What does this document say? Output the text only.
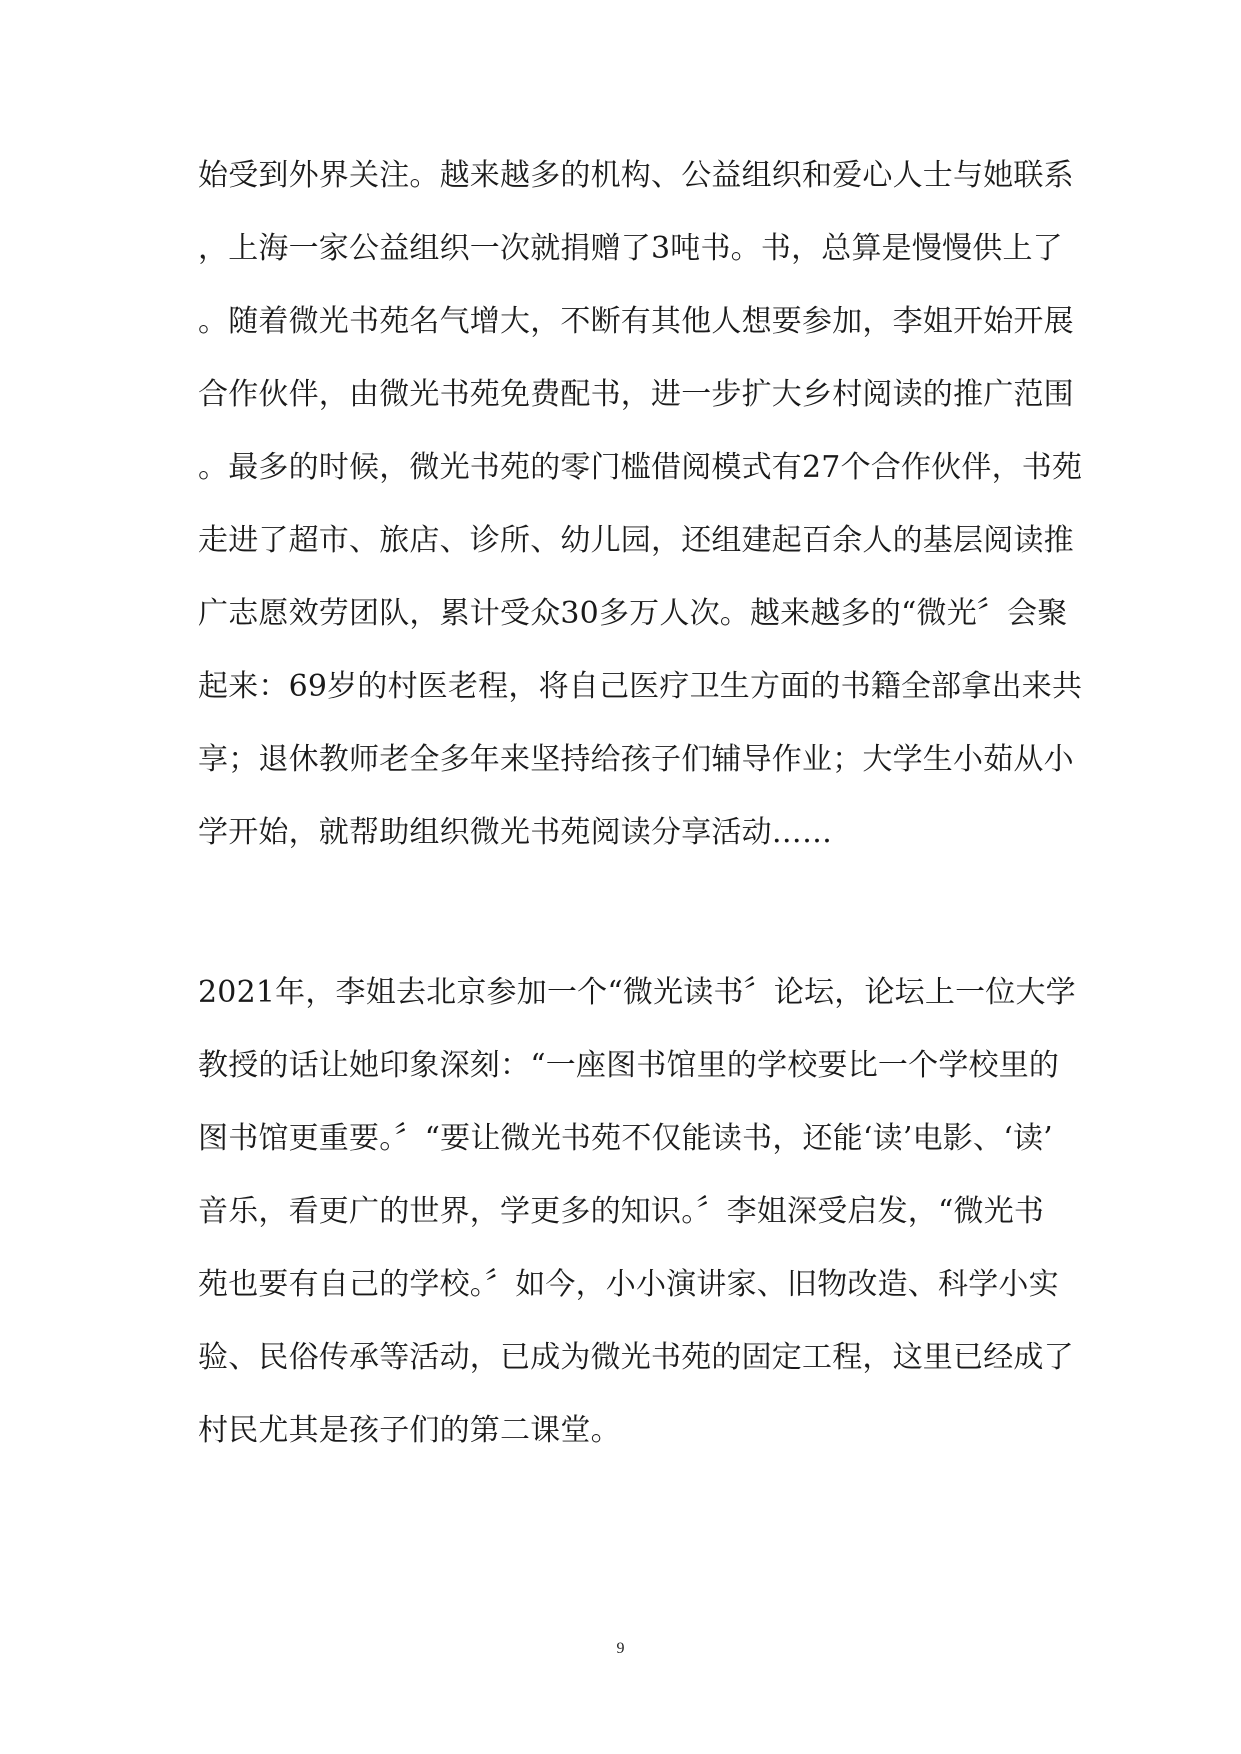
始受到外界关注。越来越多的机构、公益组织和爱心人士与她联系
，上海一家公益组织一次就捐赠了3吨书。书，总算是慢慢供上了
。随着微光书苑名气增大，不断有其他人想要参加，李姐开始开展
合作伙伴，由微光书苑免费配书，进一步扩大乡村阅读的推广范围
。最多的时候，微光书苑的零门槛借阅模式有27个合作伙伴，书苑
走进了超市、旅店、诊所、幼儿园，还组建起百余人的基层阅读推
广志愿效劳团队，累计受众30多万人次。越来越多的“微光〞会聚
起来：69岁的村医老程，将自己医疗卫生方面的书籍全部拿出来共
享；退休教师老全多年来坚持给孩子们辅导作业；大学生小茹从小
学开始，就帮助组织微光书苑阅读分享活动……
2021年，李姐去北京参加一个“微光读书〞论坛，论坛上一位大学
教授的话让她印象深刻：“一座图书馆里的学校要比一个学校里的
图书馆更重要。〞“要让微光书苑不仅能读书，还能‘读’电影、‘读’
音乐，看更广的世界，学更多的知识。〞李姐深受启发，“微光书
苑也要有自己的学校。〞如今，小小演讲家、旧物改造、科学小实
验、民俗传承等活动，已成为微光书苑的固定工程，这里已经成了
村民尤其是孩子们的第二课堂。
9
